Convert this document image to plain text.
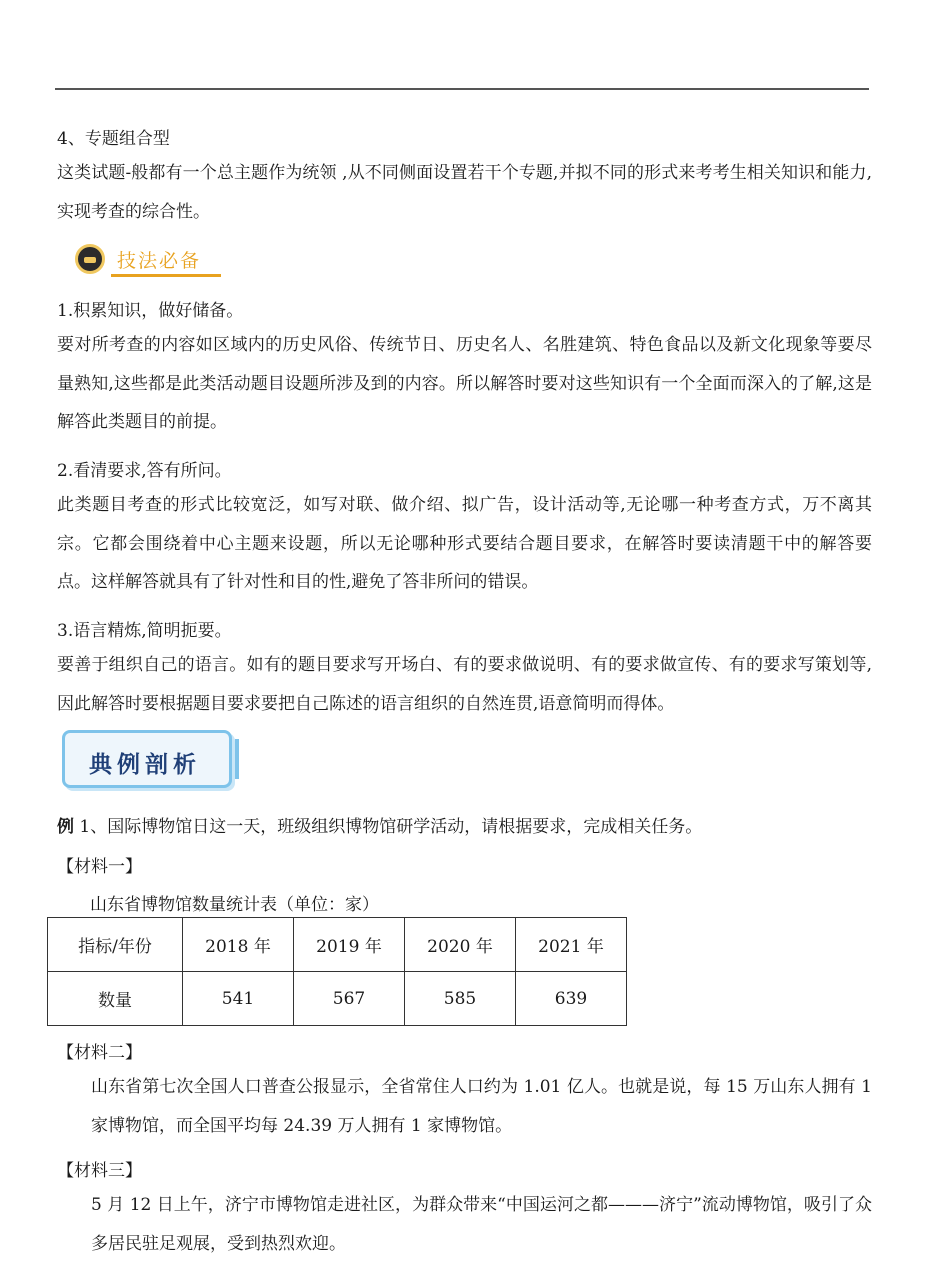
4、专题组合型

这类试题-般都有一个总主题作为统领 ,从不同侧面设置若干个专题,并拟不同的形式来考考生相关知识和能力,实现考查的综合性。

技法必备

1.积累知识，做好储备。

要对所考查的内容如区域内的历史风俗、传统节日、历史名人、名胜建筑、特色食品以及新文化现象等要尽量熟知,这些都是此类活动题目设题所涉及到的内容。所以解答时要对这些知识有一个全面而深入的了解,这是解答此类题目的前提。

2.看清要求,答有所问。

此类题目考查的形式比较宽泛，如写对联、做介绍、拟广告，设计活动等,无论哪一种考查方式，万不离其宗。它都会围绕着中心主题来设题，所以无论哪种形式要结合题目要求，在解答时要读清题干中的解答要点。这样解答就具有了针对性和目的性,避免了答非所问的错误。

3.语言精炼,简明扼要。

要善于组织自己的语言。如有的题目要求写开场白、有的要求做说明、有的要求做宣传、有的要求写策划等,因此解答时要根据题目要求要把自己陈述的语言组织的自然连贯,语意简明而得体。

典例剖析

例 1、国际博物馆日这一天，班级组织博物馆研学活动，请根据要求，完成相关任务。

【材料一】

山东省博物馆数量统计表（单位：家）

指标/年份	2018 年	2019 年	2020 年	2021 年
数量	541	567	585	639

【材料二】

山东省第七次全国人口普查公报显示，全省常住人口约为 1.01 亿人。也就是说，每 15 万山东人拥有 1 家博物馆，而全国平均每 24.39 万人拥有 1 家博物馆。

【材料三】

5 月 12 日上午，济宁市博物馆走进社区，为群众带来“中国运河之都———济宁”流动博物馆，吸引了众多居民驻足观展，受到热烈欢迎。
